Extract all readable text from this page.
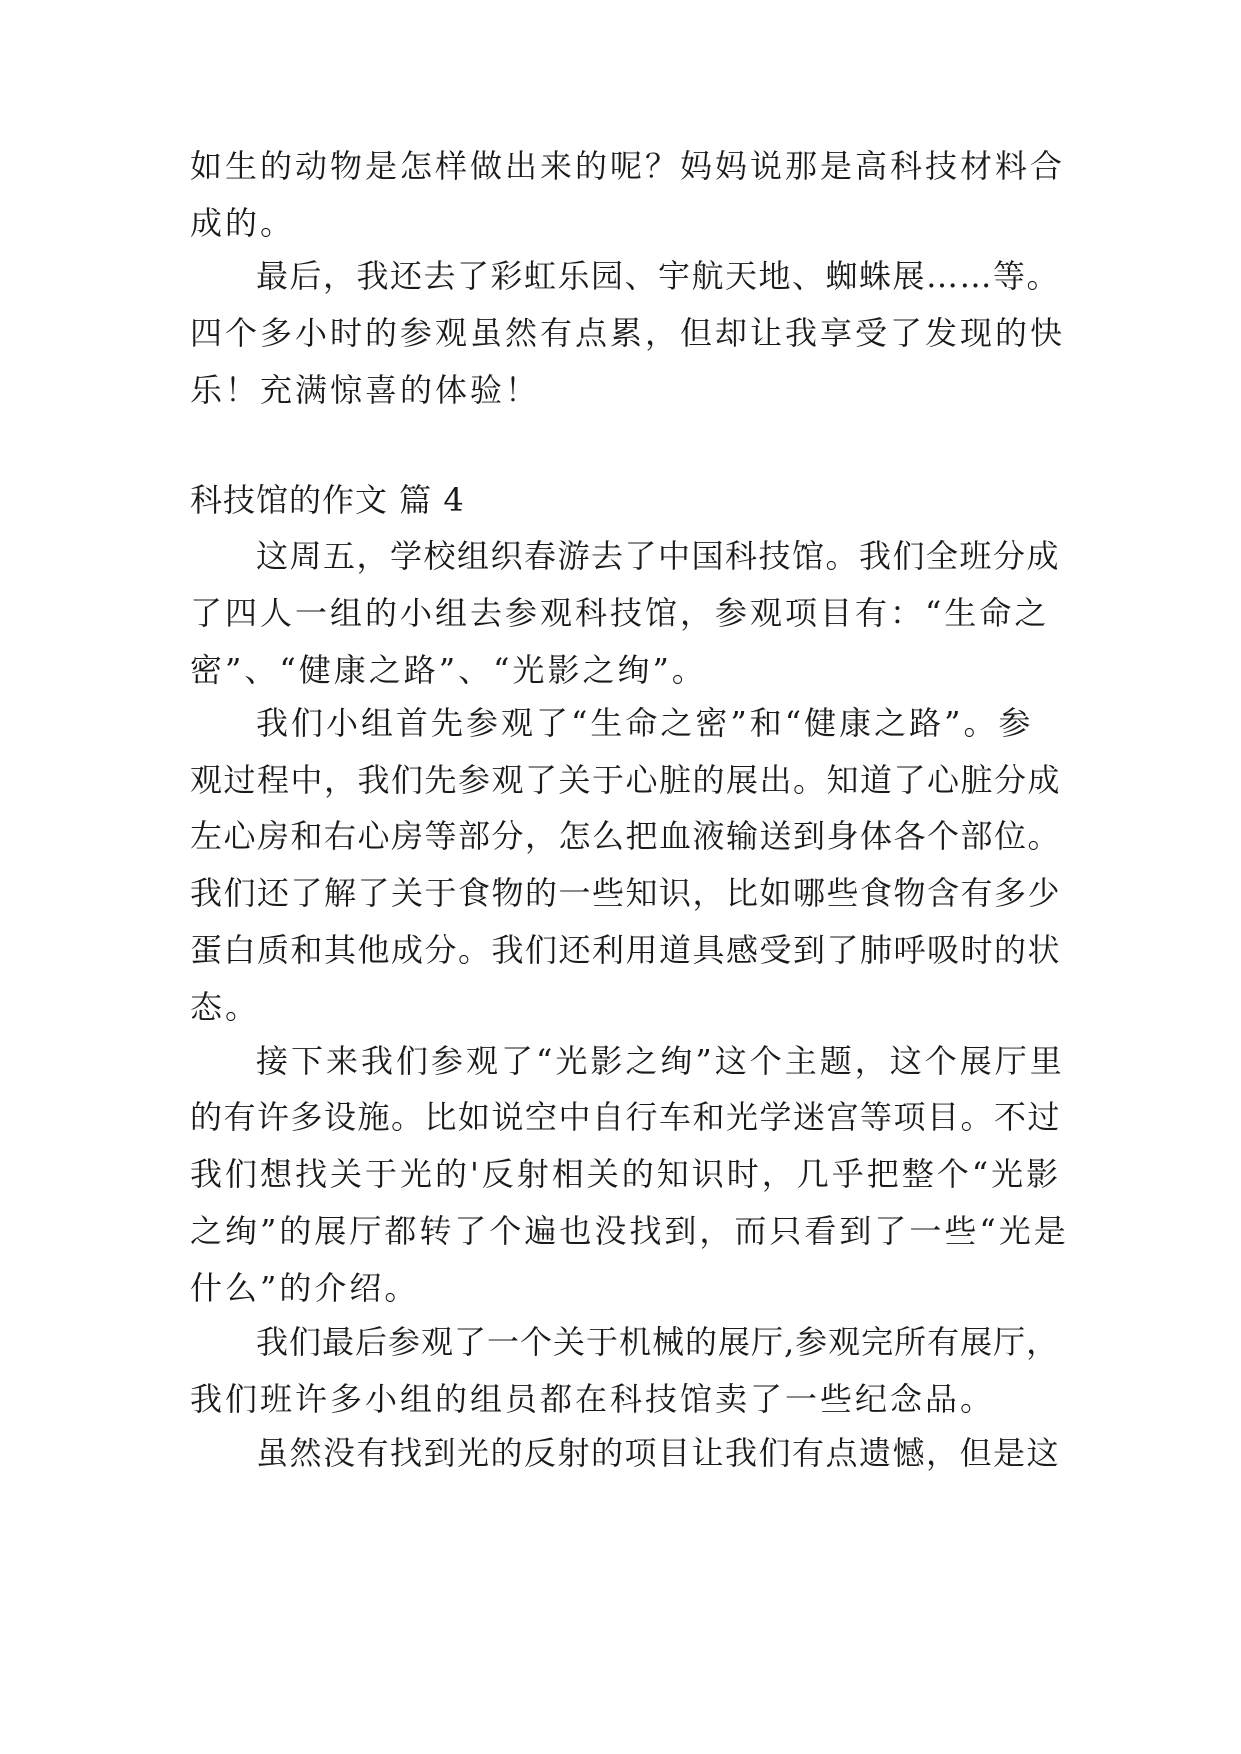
如生的动物是怎样做出来的呢？妈妈说那是高科技材料合
成的。
最后，我还去了彩虹乐园、宇航天地、蜘蛛展……等。
四个多小时的参观虽然有点累，但却让我享受了发现的快
乐！充满惊喜的体验！
科技馆的作文 篇 4
这周五，学校组织春游去了中国科技馆。我们全班分成
了四人一组的小组去参观科技馆，参观项目有：“生命之
密”、“健康之路”、“光影之绚”。
我们小组首先参观了“生命之密”和“健康之路”。参
观过程中，我们先参观了关于心脏的展出。知道了心脏分成
左心房和右心房等部分，怎么把血液输送到身体各个部位。
我们还了解了关于食物的一些知识，比如哪些食物含有多少
蛋白质和其他成分。我们还利用道具感受到了肺呼吸时的状
态。
接下来我们参观了“光影之绚”这个主题，这个展厅里
的有许多设施。比如说空中自行车和光学迷宫等项目。不过
我们想找关于光的'反射相关的知识时，几乎把整个“光影
之绚”的展厅都转了个遍也没找到，而只看到了一些“光是
什么”的介绍。
我们最后参观了一个关于机械的展厅,参观完所有展厅，
我们班许多小组的组员都在科技馆卖了一些纪念品。
虽然没有找到光的反射的项目让我们有点遗憾，但是这
